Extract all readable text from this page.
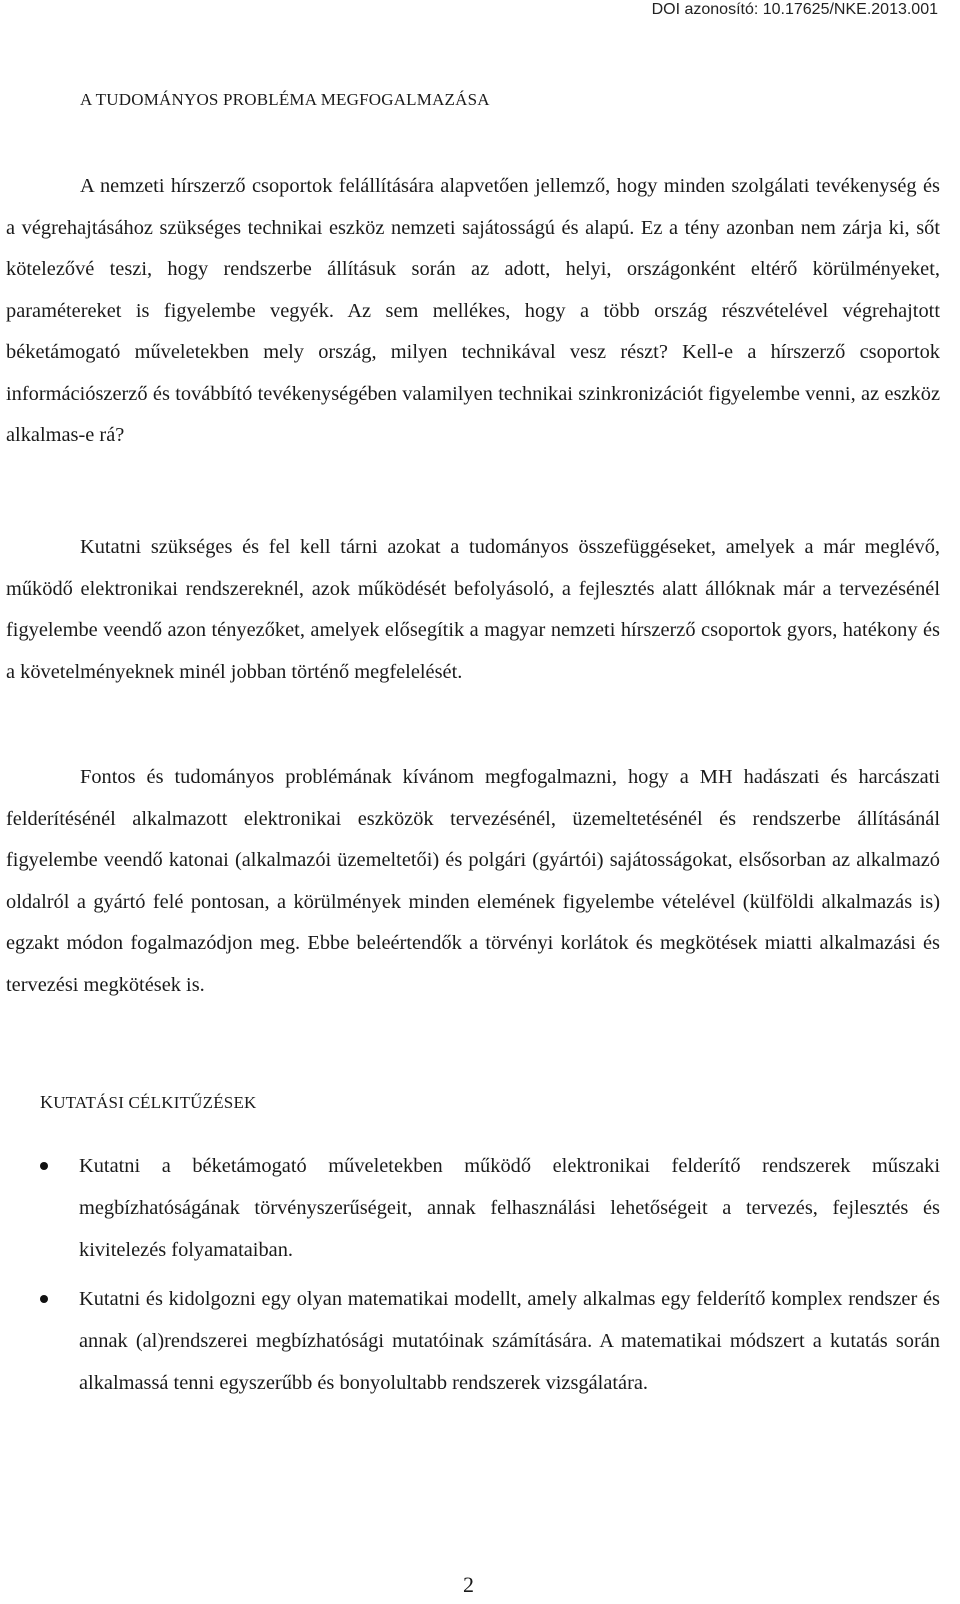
DOI azonosító: 10.17625/NKE.2013.001
A TUDOMÁNYOS PROBLÉMA MEGFOGALMAZÁSA

A nemzeti hírszerző csoportok felállítására alapvetően jellemző, hogy minden szolgálati tevékenység és a végrehajtásához szükséges technikai eszköz nemzeti sajátosságú és alapú. Ez a tény azonban nem zárja ki, sőt kötelezővé teszi, hogy rendszerbe állításuk során az adott, helyi, országonként eltérő körülményeket, paramétereket is figyelembe vegyék. Az sem mellékes, hogy a több ország részvételével végrehajtott béketámogató műveletekben mely ország, milyen technikával vesz részt? Kell-e a hírszerző csoportok információszerző és továbbító tevékenységében valamilyen technikai szinkronizációt figyelembe venni, az eszköz alkalmas-e rá?

Kutatni szükséges és fel kell tárni azokat a tudományos összefüggéseket, amelyek a már meglévő, működő elektronikai rendszereknél, azok működését befolyásoló, a fejlesztés alatt állóknak már a tervezésénél figyelembe veendő azon tényezőket, amelyek elősegítik a magyar nemzeti hírszerző csoportok gyors, hatékony és a követelményeknek minél jobban történő megfelelését.

Fontos és tudományos problémának kívánom megfogalmazni, hogy a MH hadászati és harcászati felderítésénél alkalmazott elektronikai eszközök tervezésénél, üzemeltetésénél és rendszerbe állításánál figyelembe veendő katonai (alkalmazói üzemeltetői) és polgári (gyártói) sajátosságokat, elsősorban az alkalmazó oldalról a gyártó felé pontosan, a körülmények minden elemének figyelembe vételével (külföldi alkalmazás is) egzakt módon fogalmazódjon meg. Ebbe beleértendők a törvényi korlátok és megkötések miatti alkalmazási és tervezési megkötések is.

KUTATÁSI CÉLKITŰZÉSEK
Kutatni a béketámogató műveletekben működő elektronikai felderítő rendszerek műszaki megbízhatóságának törvényszerűségeit, annak felhasználási lehetőségeit a tervezés, fejlesztés és kivitelezés folyamataiban.
Kutatni és kidolgozni egy olyan matematikai modellt, amely alkalmas egy felderítő komplex rendszer és annak (al)rendszerei megbízhatósági mutatóinak számítására. A matematikai módszert a kutatás során alkalmassá tenni egyszerűbb és bonyolultabb rendszerek vizsgálatára.
2
